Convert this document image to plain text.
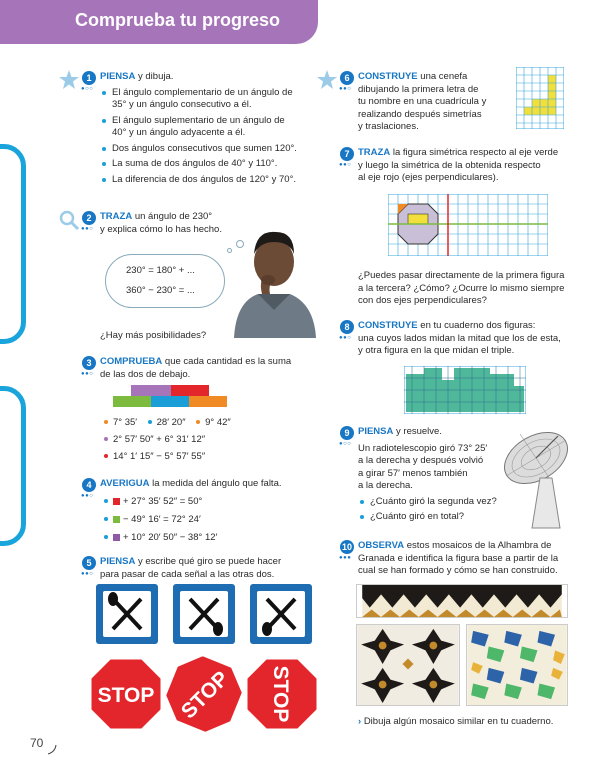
Comprueba tu progreso
1
●○○
PIENSA y dibuja.
El ángulo complementario de un ángulo de 35° y un ángulo consecutivo a él.
El ángulo suplementario de un ángulo de 40° y un ángulo adyacente a él.
Dos ángulos consecutivos que sumen 120°.
La suma de dos ángulos de 40° y 110°.
La diferencia de dos ángulos de 120° y 70°.
2
●●○
TRAZA un ángulo de 230°
y explica cómo lo has hecho.
230° = 180° + ...
360° − 230° = ...
¿Hay más posibilidades?
3
●●○
COMPRUEBA que cada cantidad es la suma
de las dos de debajo.
7° 35′ 28′ 20″ 9° 42″
2° 57′ 50″ + 6° 31′ 12″
14° 1′ 15″ − 5° 57′ 55″
4
●●○
AVERIGUA la medida del ángulo que falta.
+ 27° 35′ 52″ = 50°
− 49° 16′ = 72° 24′
+ 10° 20′ 50″ − 38° 12′
5
●●○
PIENSA y escribe qué giro se puede hacer
para pasar de cada señal a las otras dos.
STOP STOP STOP
6
●●○
CONSTRUYE una cenefa
dibujando la primera letra de
tu nombre en una cuadrícula y
realizando después simetrías
y traslaciones.
7
●●○
TRAZA la figura simétrica respecto al eje verde
y luego la simétrica de la obtenida respecto
al eje rojo (ejes perpendiculares).
¿Puedes pasar directamente de la primera figura
a la tercera? ¿Cómo? ¿Ocurre lo mismo siempre
con dos ejes perpendiculares?
8
●●○
CONSTRUYE en tu cuaderno dos figuras:
una cuyos lados midan la mitad que los de esta,
y otra figura en la que midan el triple.
9
●○○
PIENSA y resuelve.
Un radiotelescopio giró 73° 25′
a la derecha y después volvió
a girar 57′ menos también
a la derecha.
¿Cuánto giró la segunda vez?
¿Cuánto giró en total?
10
●●●
OBSERVA estos mosaicos de la Alhambra de
Granada e identifica la figura base a partir de la
cual se han formado y cómo se han construido.
› Dibuja algún mosaico similar en tu cuaderno.
70
